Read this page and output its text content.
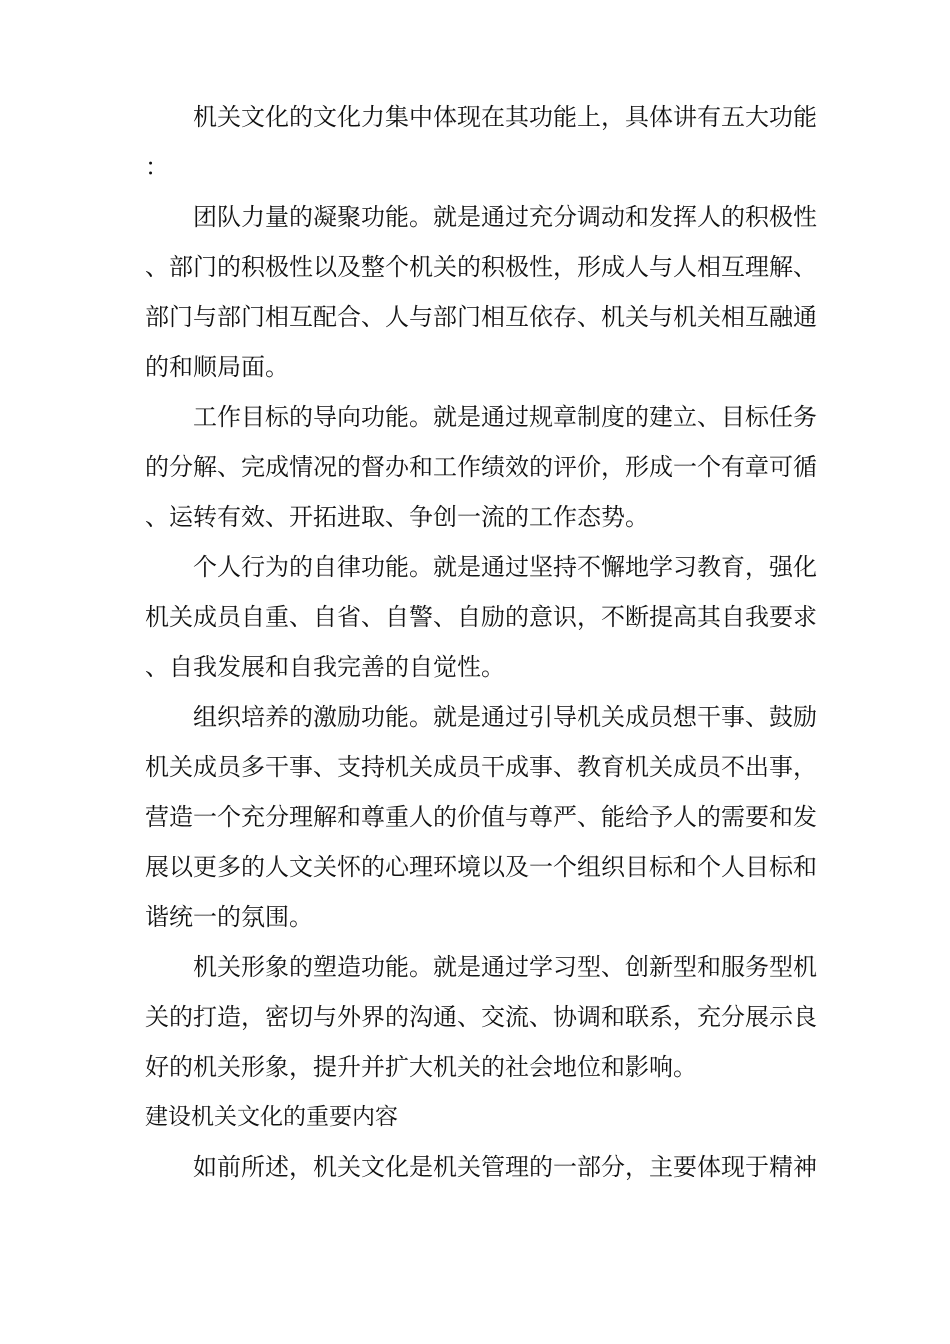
机关文化的文化力集中体现在其功能上，具体讲有五大功能：

团队力量的凝聚功能。就是通过充分调动和发挥人的积极性、部门的积极性以及整个机关的积极性，形成人与人相互理解、部门与部门相互配合、人与部门相互依存、机关与机关相互融通的和顺局面。

工作目标的导向功能。就是通过规章制度的建立、目标任务的分解、完成情况的督办和工作绩效的评价，形成一个有章可循、运转有效、开拓进取、争创一流的工作态势。

个人行为的自律功能。就是通过坚持不懈地学习教育，强化机关成员自重、自省、自警、自励的意识，不断提高其自我要求、自我发展和自我完善的自觉性。

组织培养的激励功能。就是通过引导机关成员想干事、鼓励机关成员多干事、支持机关成员干成事、教育机关成员不出事，营造一个充分理解和尊重人的价值与尊严、能给予人的需要和发展以更多的人文关怀的心理环境以及一个组织目标和个人目标和谐统一的氛围。

机关形象的塑造功能。就是通过学习型、创新型和服务型机关的打造，密切与外界的沟通、交流、协调和联系，充分展示良好的机关形象，提升并扩大机关的社会地位和影响。

建设机关文化的重要内容

如前所述，机关文化是机关管理的一部分，主要体现于精神
